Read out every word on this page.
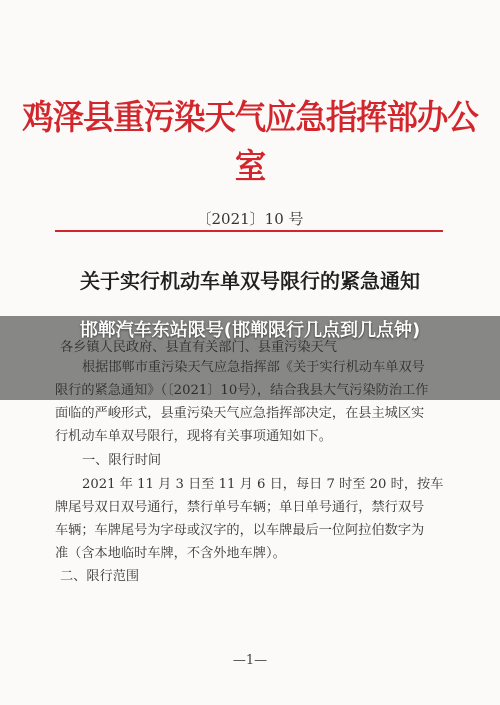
鸡泽县重污染天气应急指挥部办公室
〔2021〕10 号
关于实行机动车单双号限行的紧急通知
面临的严峻形式，县重污染天气应急指挥部决定，在县主城区实
行机动车单双号限行，现将有关事项通知如下。
一、限行时间
2021 年 11 月 3 日至 11 月 6 日，每日 7 时至 20 时，按车
牌尾号双日双号通行，禁行单号车辆；单日单号通行，禁行双号
车辆；车牌尾号为字母或汉字的，以车牌最后一位阿拉伯数字为
准（含本地临时车牌，不含外地车牌）。
二、限行范围
—1—
邯郸汽车东站限号(邯郸限行几点到几点钟)
